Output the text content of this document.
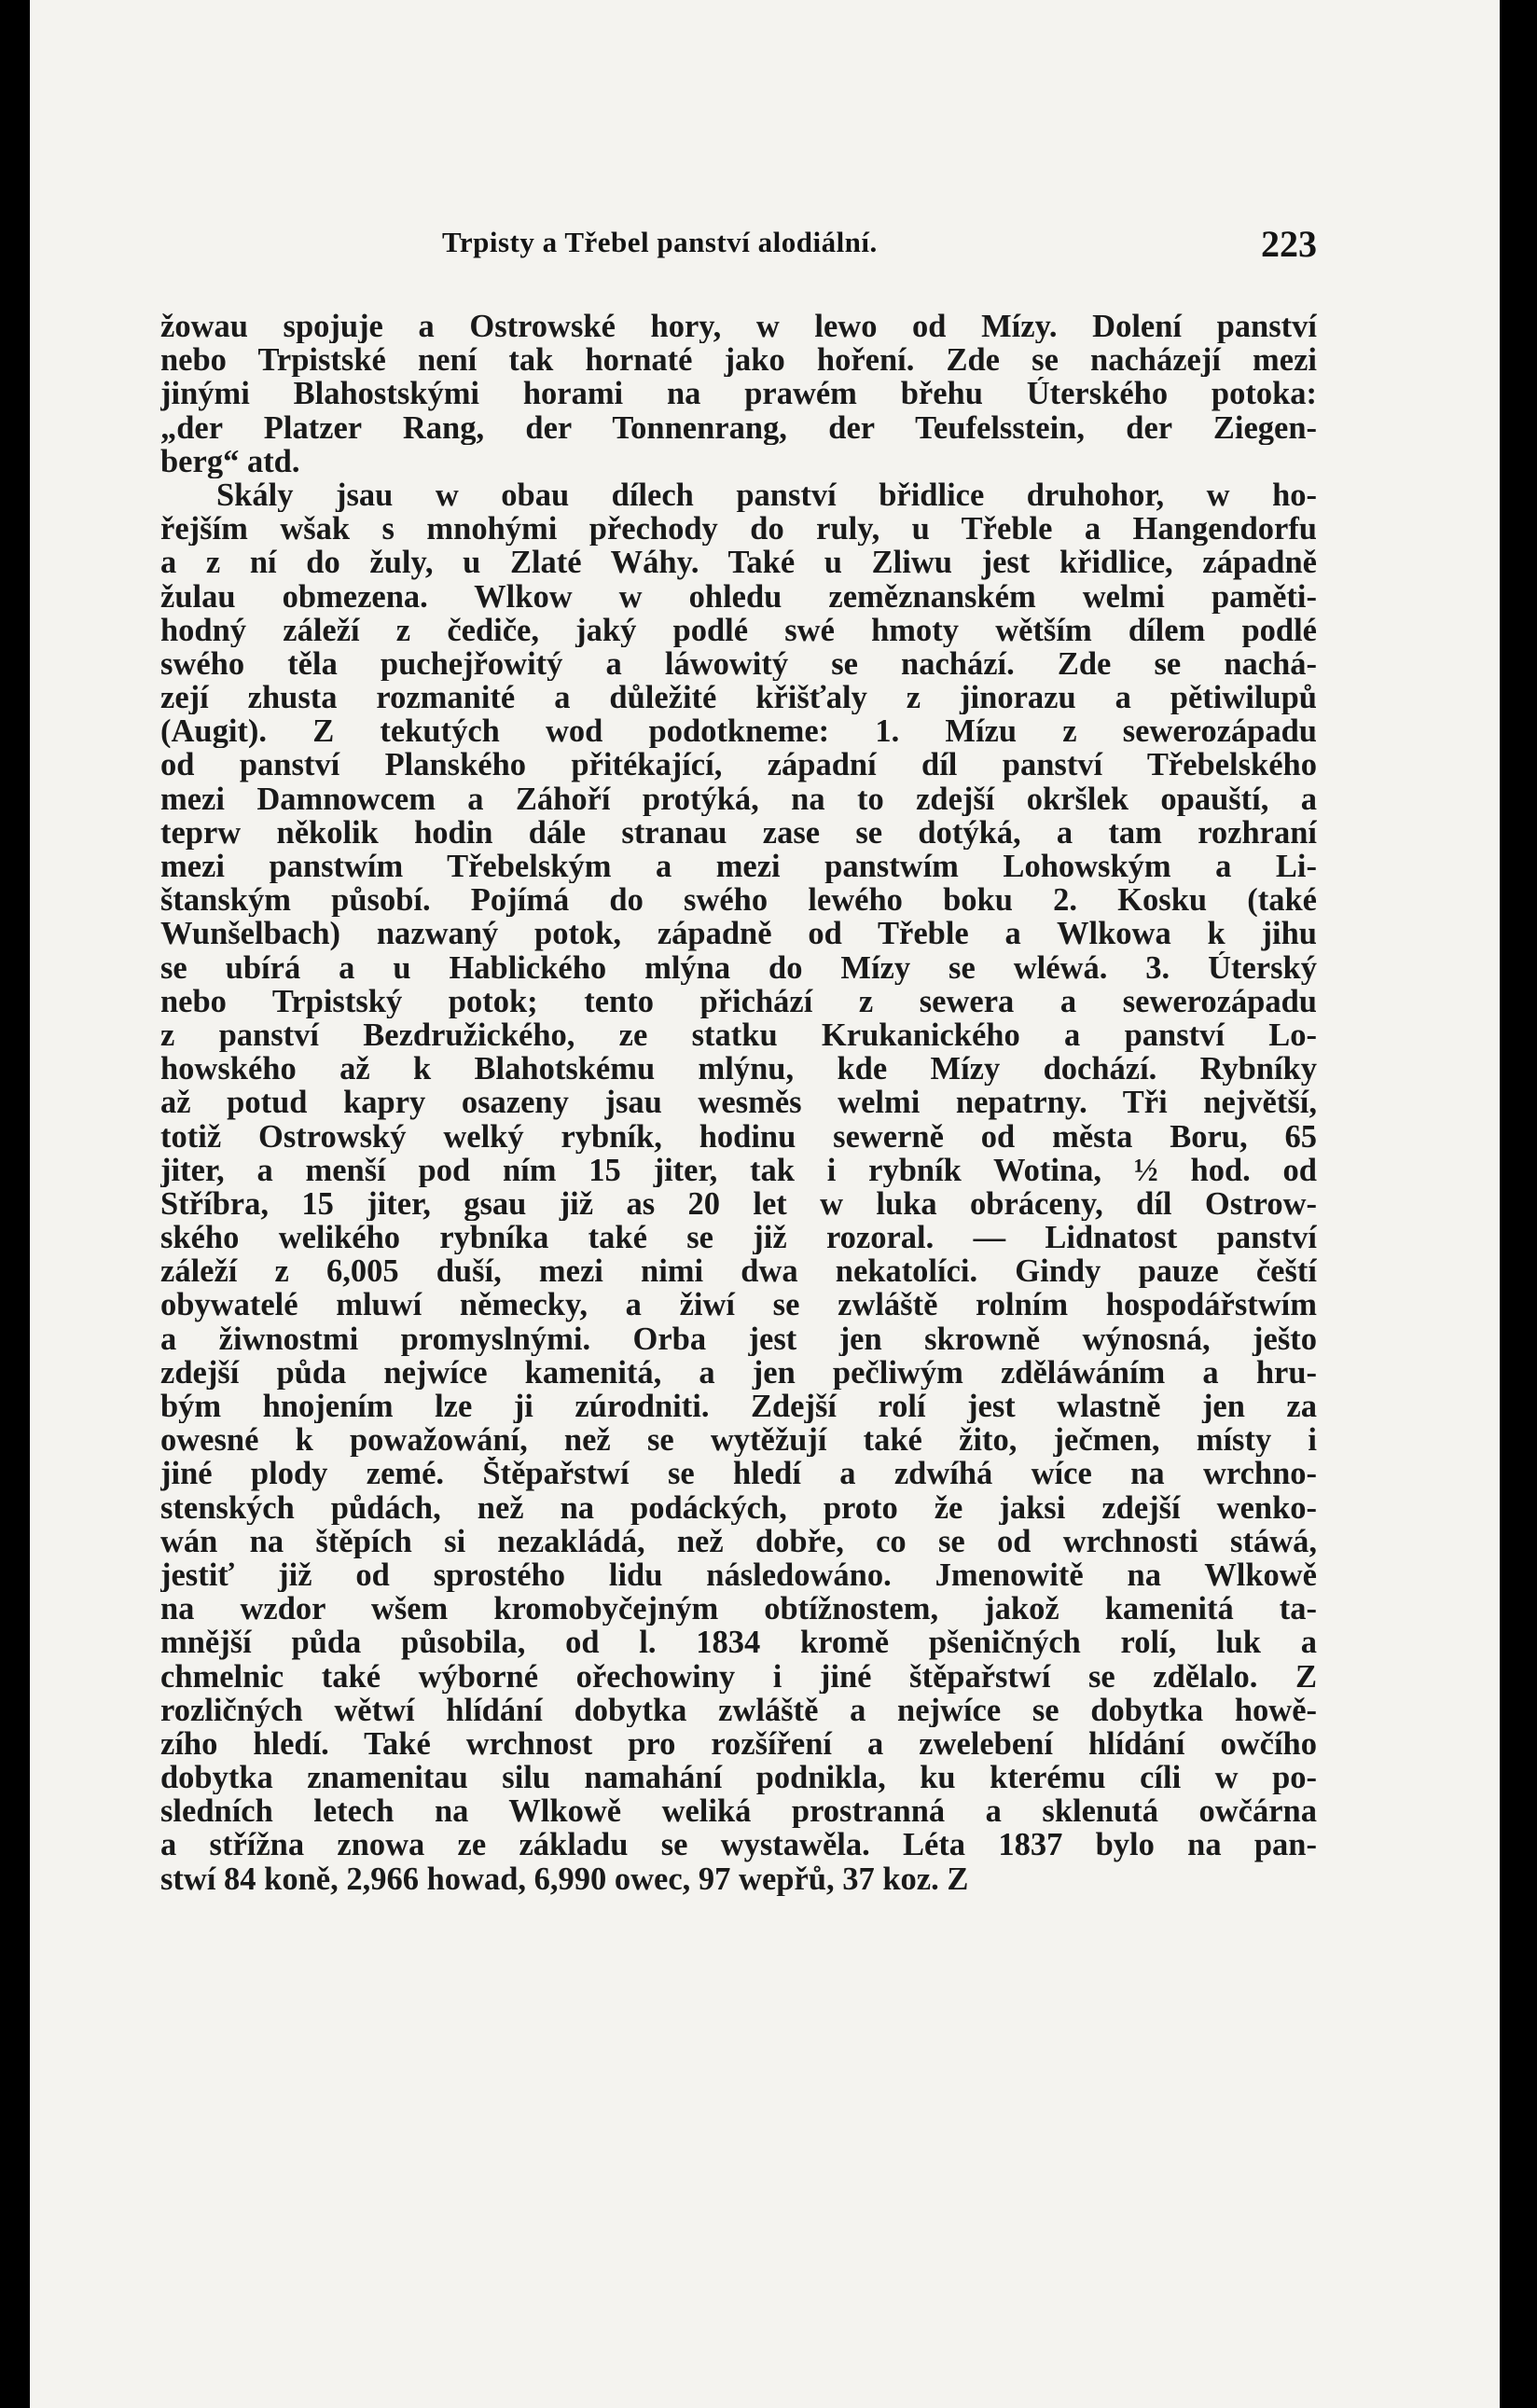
Trpisty a Třebel panství alodiální.	223
žowau spojuje a Ostrowské hory, w lewo od Mízy. Dolení panství
nebo Trpistské není tak hornaté jako hoření. Zde se nacházejí mezi
jinými Blahostskými horami na prawém břehu Úterského potoka:
„der Platzer Rang, der Tonnenrang, der Teufelsstein, der Ziegen-
berg“ atd.
Skály jsau w obau dílech panství břidlice druhohor, w ho-
řejším wšak s mnohými přechody do ruly, u Třeble a Hangendorfu
a z ní do žuly, u Zlaté Wáhy. Také u Zliwu jest křidlice, západně
žulau obmezena. Wlkow w ohledu zeměznanském welmi paměti-
hodný záleží z čediče, jaký podlé swé hmoty wětším dílem podlé
swého těla puchejřowitý a láwowitý se nachází. Zde se nachá-
zejí zhusta rozmanité a důležité křišťaly z jinorazu a pětiwilupů
(Augit). Z tekutých wod podotkneme: 1. Mízu z sewerozápadu
od panství Planského přitékající, západní díl panství Třebelského
mezi Damnowcem a Záhoří protýká, na to zdejší okršlek opauští, a
teprw několik hodin dále stranau zase se dotýká, a tam rozhraní
mezi panstwím Třebelským a mezi panstwím Lohowským a Li-
štanským působí. Pojímá do swého lewého boku 2. Kosku (také
Wunšelbach) nazwaný potok, západně od Třeble a Wlkowa k jihu
se ubírá a u Hablického mlýna do Mízy se wléwá. 3. Úterský
nebo Trpistský potok; tento přichází z sewera a sewerozápadu
z panství Bezdružického, ze statku Krukanického a panství Lo-
howského až k Blahotskému mlýnu, kde Mízy dochází. Rybníky
až potud kapry osazeny jsau wesměs welmi nepatrny. Tři největší,
totiž Ostrowský welký rybník, hodinu sewerně od města Boru, 65
jiter, a menší pod ním 15 jiter, tak i rybník Wotina, ½ hod. od
Stříbra, 15 jiter, gsau již as 20 let w luka obráceny, díl Ostrow-
ského welikého rybníka také se již rozoral. — Lidnatost panství
záleží z 6,005 duší, mezi nimi dwa nekatolíci. Gindy pauze čeští
obywatelé mluwí německy, a žiwí se zwláště rolním hospodářstwím
a žiwnostmi promyslnými. Orba jest jen skrowně wýnosná, ješto
zdejší půda nejwíce kamenitá, a jen pečliwým zděláwáním a hru-
bým hnojením lze ji zúrodniti. Zdejší rolí jest wlastně jen za
owesné k powažowání, než se wytěžují také žito, ječmen, místy i
jiné plody zemé. Štěpařstwí se hledí a zdwíhá wíce na wrchno-
stenských půdách, než na podáckých, proto že jaksi zdejší wenko-
wán na štěpích si nezakládá, než dobře, co se od wrchnosti stáwá,
jestiť již od sprostého lidu následowáno. Jmenowitě na Wlkowě
na wzdor wšem kromobyčejným obtížnostem, jakož kamenitá ta-
mnější půda působila, od l. 1834 kromě pšeničných rolí, luk a
chmelnic také wýborné ořechowiny i jiné štěpařstwí se zdělalo. Z
rozličných wětwí hlídání dobytka zwláště a nejwíce se dobytka howě-
zího hledí. Také wrchnost pro rozšíření a zwelebení hlídání owčího
dobytka znamenitau silu namahání podnikla, ku kterému cíli w po-
sledních letech na Wlkowě weliká prostranná a sklenutá owčárna
a střížna znowa ze základu se wystawěla. Léta 1837 bylo na pan-
stwí 84 koně, 2,966 howad, 6,990 owec, 97 wepřů, 37 koz. Z
